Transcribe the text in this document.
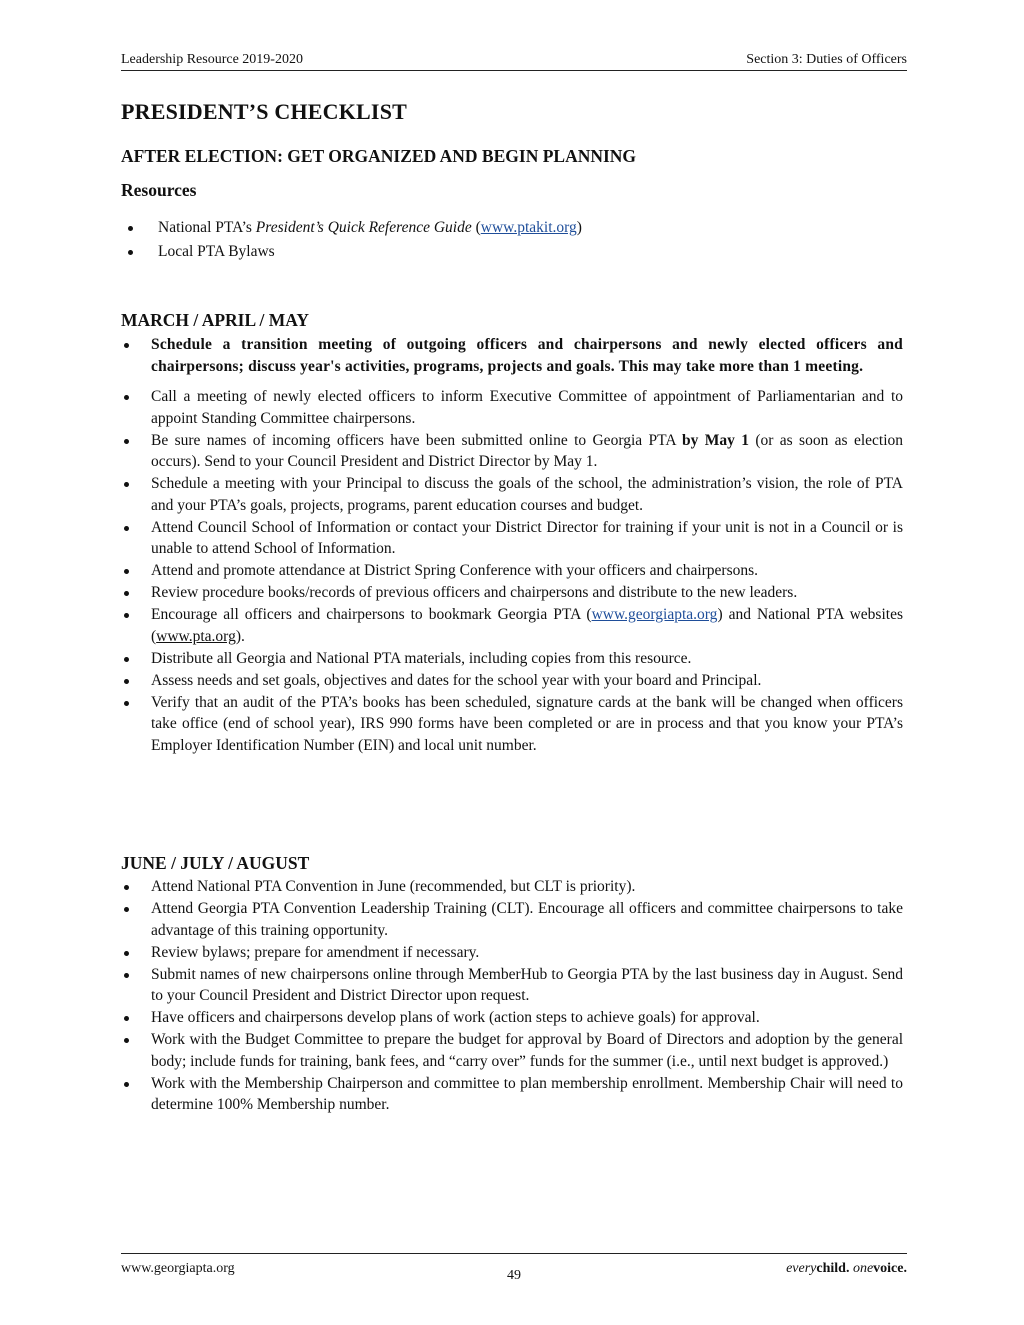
Leadership Resource 2019-2020	Section 3: Duties of Officers
PRESIDENT’S CHECKLIST
AFTER ELECTION: GET ORGANIZED AND BEGIN PLANNING
Resources
National PTA’s President’s Quick Reference Guide (www.ptakit.org)
Local PTA Bylaws
MARCH / APRIL / MAY
Schedule a transition meeting of outgoing officers and chairpersons and newly elected officers and chairpersons; discuss year's activities, programs, projects and goals. This may take more than 1 meeting.
Call a meeting of newly elected officers to inform Executive Committee of appointment of Parliamentarian and to appoint Standing Committee chairpersons.
Be sure names of incoming officers have been submitted online to Georgia PTA by May 1 (or as soon as election occurs). Send to your Council President and District Director by May 1.
Schedule a meeting with your Principal to discuss the goals of the school, the administration’s vision, the role of PTA and your PTA’s goals, projects, programs, parent education courses and budget.
Attend Council School of Information or contact your District Director for training if your unit is not in a Council or is unable to attend School of Information.
Attend and promote attendance at District Spring Conference with your officers and chairpersons.
Review procedure books/records of previous officers and chairpersons and distribute to the new leaders.
Encourage all officers and chairpersons to bookmark Georgia PTA (www.georgiapta.org) and National PTA websites (www.pta.org).
Distribute all Georgia and National PTA materials, including copies from this resource.
Assess needs and set goals, objectives and dates for the school year with your board and Principal.
Verify that an audit of the PTA’s books has been scheduled, signature cards at the bank will be changed when officers take office (end of school year), IRS 990 forms have been completed or are in process and that you know your PTA’s Employer Identification Number (EIN) and local unit number.
JUNE / JULY / AUGUST
Attend National PTA Convention in June (recommended, but CLT is priority).
Attend Georgia PTA Convention Leadership Training (CLT). Encourage all officers and committee chairpersons to take advantage of this training opportunity.
Review bylaws; prepare for amendment if necessary.
Submit names of new chairpersons online through MemberHub to Georgia PTA by the last business day in August. Send to your Council President and District Director upon request.
Have officers and chairpersons develop plans of work (action steps to achieve goals) for approval.
Work with the Budget Committee to prepare the budget for approval by Board of Directors and adoption by the general body; include funds for training, bank fees, and “carry over” funds for the summer (i.e., until next budget is approved.)
Work with the Membership Chairperson and committee to plan membership enrollment. Membership Chair will need to determine 100% Membership number.
www.georgiapta.org	49	everychild. onevoice.
